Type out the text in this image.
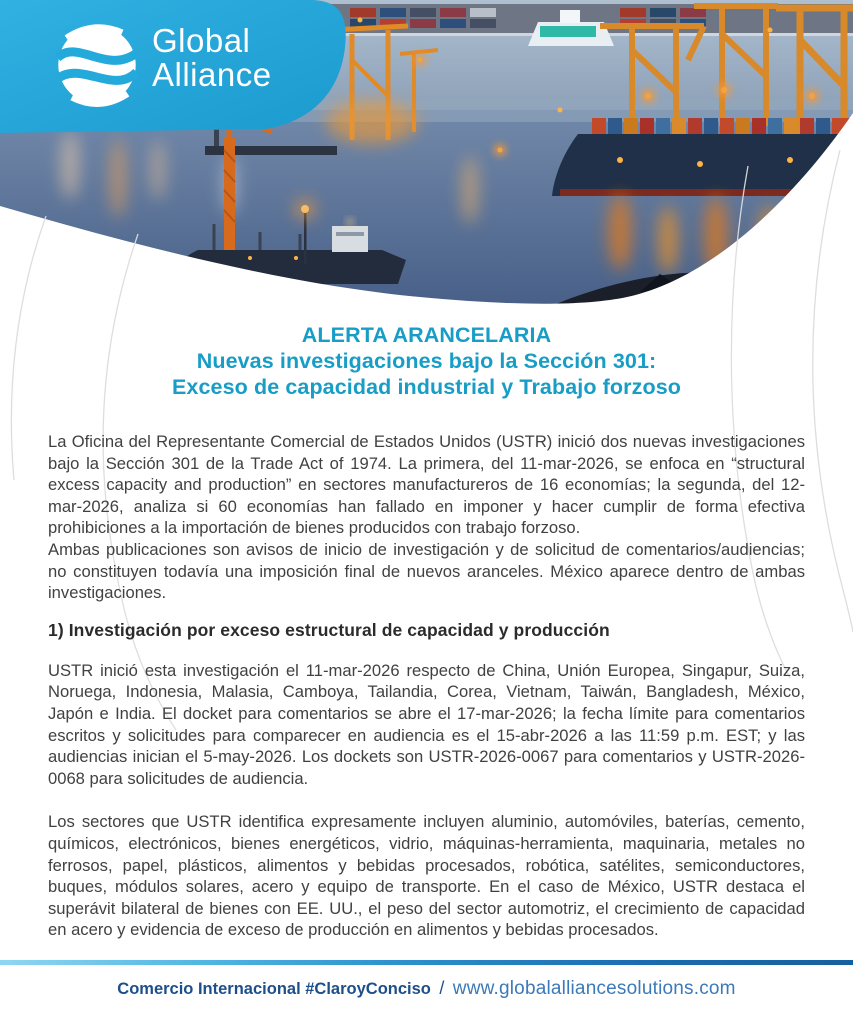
Global
Alliance
ALERTA ARANCELARIA
Nuevas investigaciones bajo la Sección 301:
Exceso de capacidad industrial y Trabajo forzoso

La Oficina del Representante Comercial de Estados Unidos (USTR) inició dos nuevas investigaciones bajo la Sección 301 de la Trade Act of 1974. La primera, del 11-mar-2026, se enfoca en “structural excess capacity and production” en sectores manufactureros de 16 economías; la segunda, del 12-mar-2026, analiza si 60 economías han fallado en imponer y hacer cumplir de forma efectiva prohibiciones a la importación de bienes producidos con trabajo forzoso.

Ambas publicaciones son avisos de inicio de investigación y de solicitud de comentarios/audiencias; no constituyen todavía una imposición final de nuevos aranceles. México aparece dentro de ambas investigaciones.

1) Investigación por exceso estructural de capacidad y producción

USTR inició esta investigación el 11-mar-2026 respecto de China, Unión Europea, Singapur, Suiza, Noruega, Indonesia, Malasia, Camboya, Tailandia, Corea, Vietnam, Taiwán, Bangladesh, México, Japón e India. El docket para comentarios se abre el 17-mar-2026; la fecha límite para comentarios escritos y solicitudes para comparecer en audiencia es el 15-abr-2026 a las 11:59 p.m. EST; y las audiencias inician el 5-may-2026. Los dockets son USTR-2026-0067 para comentarios y USTR-2026-0068 para solicitudes de audiencia.

Los sectores que USTR identifica expresamente incluyen aluminio, automóviles, baterías, cemento, químicos, electrónicos, bienes energéticos, vidrio, máquinas-herramienta, maquinaria, metales no ferrosos, papel, plásticos, alimentos y bebidas procesados, robótica, satélites, semiconductores, buques, módulos solares, acero y equipo de transporte. En el caso de México, USTR destaca el superávit bilateral de bienes con EE. UU., el peso del sector automotriz, el crecimiento de capacidad en acero y evidencia de exceso de producción en alimentos y bebidas procesados.

Comercio Internacional #ClaroyConciso / www.globalalliancesolutions.com
